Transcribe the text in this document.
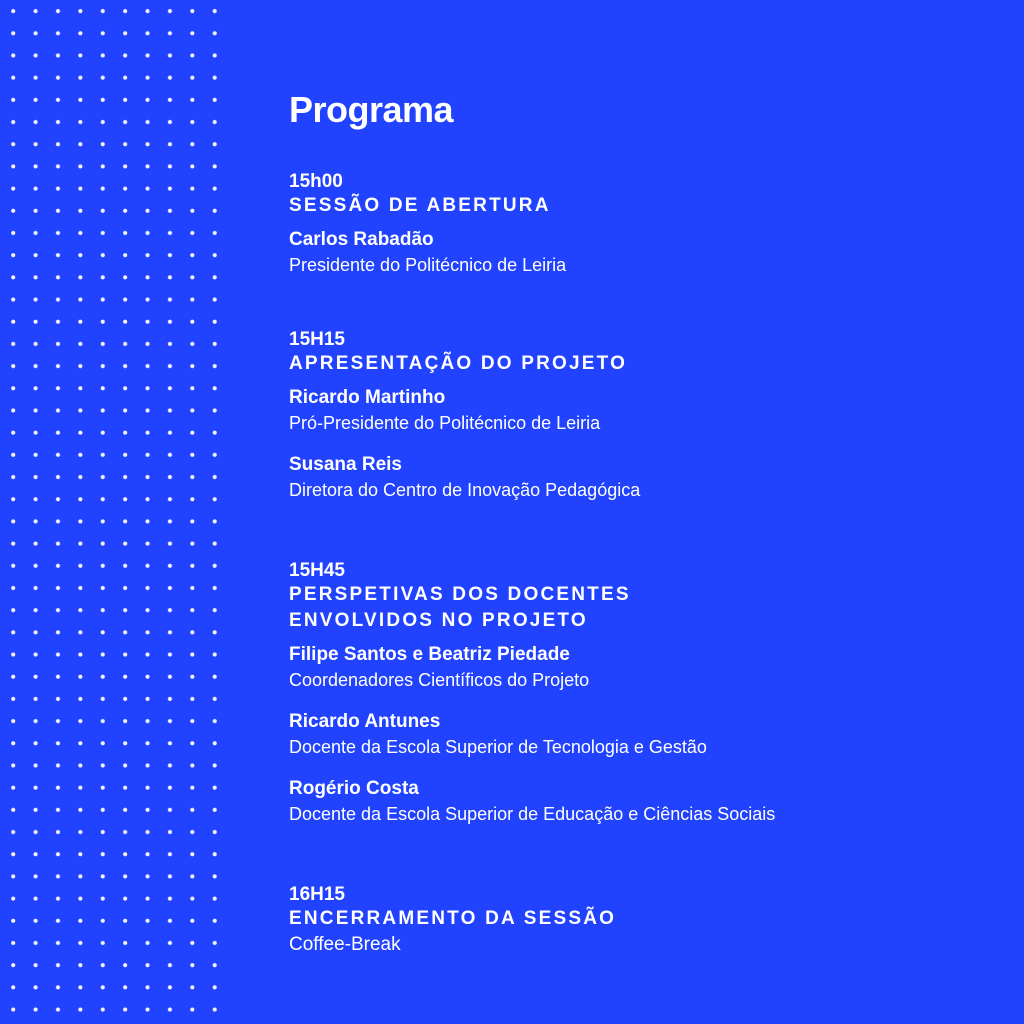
Programa
15h00
SESSÃO DE ABERTURA
Carlos Rabadão
Presidente do Politécnico de Leiria
15H15
APRESENTAÇÃO DO PROJETO
Ricardo Martinho
Pró-Presidente do Politécnico de Leiria
Susana Reis
Diretora do Centro de Inovação Pedagógica
15H45
PERSPETIVAS DOS DOCENTES
ENVOLVIDOS NO PROJETO
Filipe Santos e Beatriz Piedade
Coordenadores Científicos do Projeto
Ricardo Antunes
Docente da Escola Superior de Tecnologia e Gestão
Rogério Costa
Docente da Escola Superior de Educação e Ciências Sociais
16H15
ENCERRAMENTO DA SESSÃO
Coffee-Break
